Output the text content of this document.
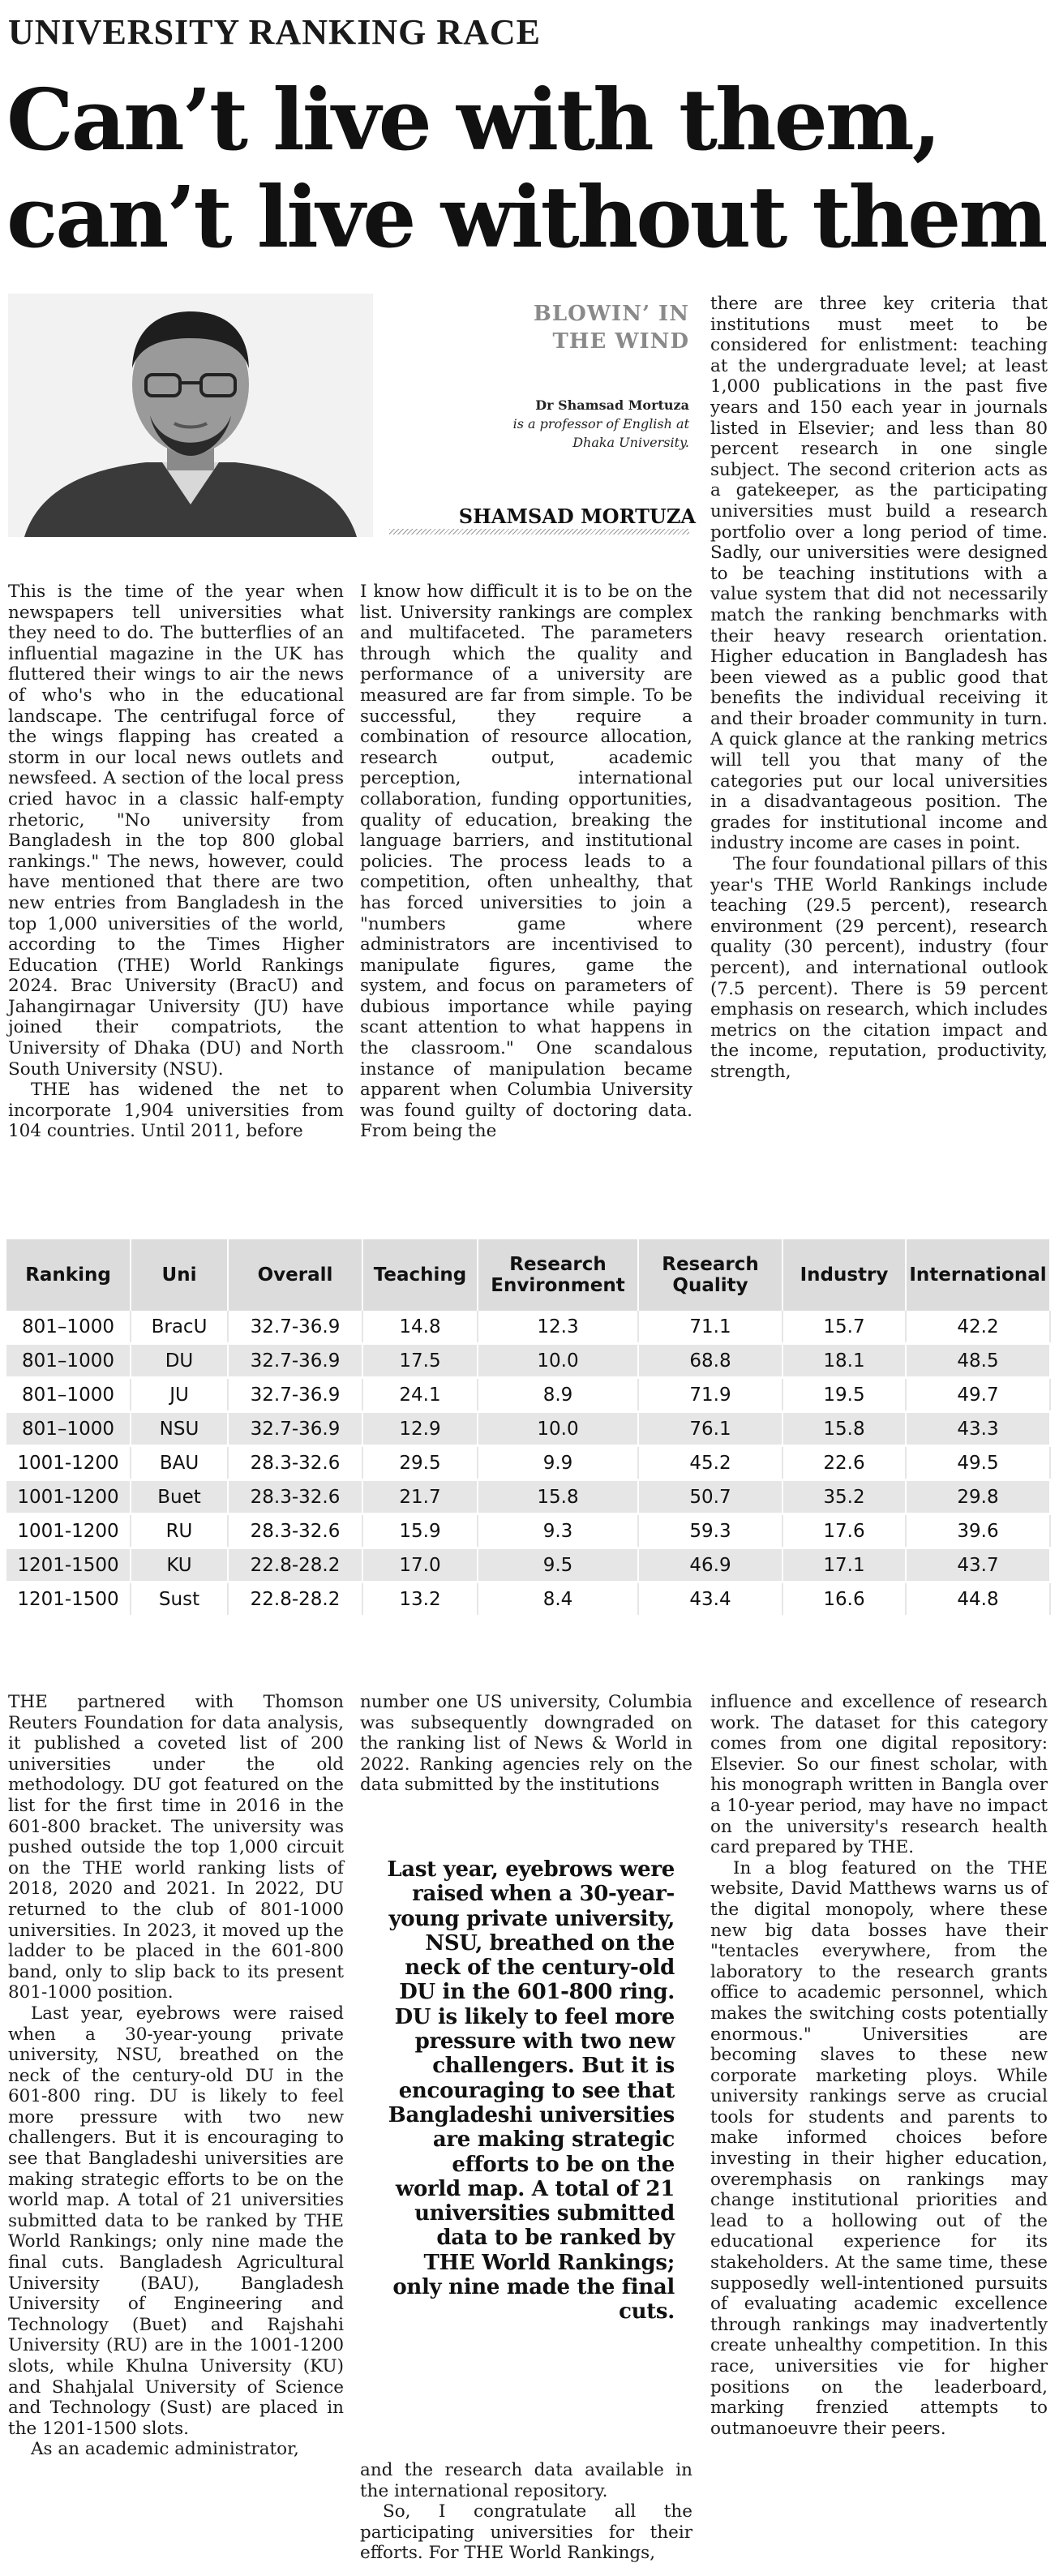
UNIVERSITY RANKING RACE
Can’t live with them, can’t live without them
BLOWIN’ IN THE WIND
Dr Shamsad Mortuza
is a professor of English at Dhaka University.
SHAMSAD MORTUZA

This is the time of the year when newspapers tell universities what they need to do. The butterflies of an influential magazine in the UK has fluttered their wings to air the news of who's who in the educational landscape. The centrifugal force of the wings flapping has created a storm in our local news outlets and newsfeed. A section of the local press cried havoc in a classic half-empty rhetoric, "No university from Bangladesh in the top 800 global rankings." The news, however, could have mentioned that there are two new entries from Bangladesh in the top 1,000 universities of the world, according to the Times Higher Education (THE) World Rankings 2024. Brac University (BracU) and Jahangirnagar University (JU) have joined their compatriots, the University of Dhaka (DU) and North South University (NSU).

THE has widened the net to incorporate 1,904 universities from 104 countries. Until 2011, before

I know how difficult it is to be on the list. University rankings are complex and multifaceted. The parameters through which the quality and performance of a university are measured are far from simple. To be successful, they require a combination of resource allocation, research output, academic perception, international collaboration, funding opportunities, quality of education, breaking the language barriers, and institutional policies. The process leads to a competition, often unhealthy, that has forced universities to join a "numbers game where administrators are incentivised to manipulate figures, game the system, and focus on parameters of dubious importance while paying scant attention to what happens in the classroom." One scandalous instance of manipulation became apparent when Columbia University was found guilty of doctoring data. From being the

there are three key criteria that institutions must meet to be considered for enlistment: teaching at the undergraduate level; at least 1,000 publications in the past five years and 150 each year in journals listed in Elsevier; and less than 80 percent research in one single subject. The second criterion acts as a gatekeeper, as the participating universities must build a research portfolio over a long period of time. Sadly, our universities were designed to be teaching institutions with a value system that did not necessarily match the ranking benchmarks with their heavy research orientation. Higher education in Bangladesh has been viewed as a public good that benefits the individual receiving it and their broader community in turn. A quick glance at the ranking metrics will tell you that many of the categories put our local universities in a disadvantageous position. The grades for institutional income and industry income are cases in point.

The four foundational pillars of this year's THE World Rankings include teaching (29.5 percent), research environment (29 percent), research quality (30 percent), industry (four percent), and international outlook (7.5 percent). There is 59 percent emphasis on research, which includes metrics on the citation impact and the income, reputation, productivity, strength,

Ranking	Uni	Overall	Teaching	Research Environment	Research Quality	Industry	International
801–1000	BracU	32.7-36.9	14.8	12.3	71.1	15.7	42.2
801–1000	DU	32.7-36.9	17.5	10.0	68.8	18.1	48.5
801–1000	JU	32.7-36.9	24.1	8.9	71.9	19.5	49.7
801–1000	NSU	32.7-36.9	12.9	10.0	76.1	15.8	43.3
1001-1200	BAU	28.3-32.6	29.5	9.9	45.2	22.6	49.5
1001-1200	Buet	28.3-32.6	21.7	15.8	50.7	35.2	29.8
1001-1200	RU	28.3-32.6	15.9	9.3	59.3	17.6	39.6
1201-1500	KU	22.8-28.2	17.0	9.5	46.9	17.1	43.7
1201-1500	Sust	22.8-28.2	13.2	8.4	43.4	16.6	44.8

THE partnered with Thomson Reuters Foundation for data analysis, it published a coveted list of 200 universities under the old methodology. DU got featured on the list for the first time in 2016 in the 601-800 bracket. The university was pushed outside the top 1,000 circuit on the THE world ranking lists of 2018, 2020 and 2021. In 2022, DU returned to the club of 801-1000 universities. In 2023, it moved up the ladder to be placed in the 601-800 band, only to slip back to its present 801-1000 position.

Last year, eyebrows were raised when a 30-year-young private university, NSU, breathed on the neck of the century-old DU in the 601-800 ring. DU is likely to feel more pressure with two new challengers. But it is encouraging to see that Bangladeshi universities are making strategic efforts to be on the world map. A total of 21 universities submitted data to be ranked by THE World Rankings; only nine made the final cuts. Bangladesh Agricultural University (BAU), Bangladesh University of Engineering and Technology (Buet) and Rajshahi University (RU) are in the 1001-1200 slots, while Khulna University (KU) and Shahjalal University of Science and Technology (Sust) are placed in the 1201-1500 slots.

As an academic administrator,

number one US university, Columbia was subsequently downgraded on the ranking list of News & World in 2022. Ranking agencies rely on the data submitted by the institutions

Last year, eyebrows were raised when a 30-year-young private university, NSU, breathed on the neck of the century-old DU in the 601-800 ring. DU is likely to feel more pressure with two new challengers. But it is encouraging to see that Bangladeshi universities are making strategic efforts to be on the world map. A total of 21 universities submitted data to be ranked by THE World Rankings; only nine made the final cuts.

and the research data available in the international repository.

So, I congratulate all the participating universities for their efforts. For THE World Rankings,

influence and excellence of research work. The dataset for this category comes from one digital repository: Elsevier. So our finest scholar, with his monograph written in Bangla over a 10-year period, may have no impact on the university's research health card prepared by THE.

In a blog featured on the THE website, David Matthews warns us of the digital monopoly, where these new big data bosses have their "tentacles everywhere, from the laboratory to the research grants office to academic personnel, which makes the switching costs potentially enormous." Universities are becoming slaves to these new corporate marketing ploys. While university rankings serve as crucial tools for students and parents to make informed choices before investing in their higher education, overemphasis on rankings may change institutional priorities and lead to a hollowing out of the educational experience for its stakeholders. At the same time, these supposedly well-intentioned pursuits of evaluating academic excellence through rankings may inadvertently create unhealthy competition. In this race, universities vie for higher positions on the leaderboard, marking frenzied attempts to outmanoeuvre their peers.
